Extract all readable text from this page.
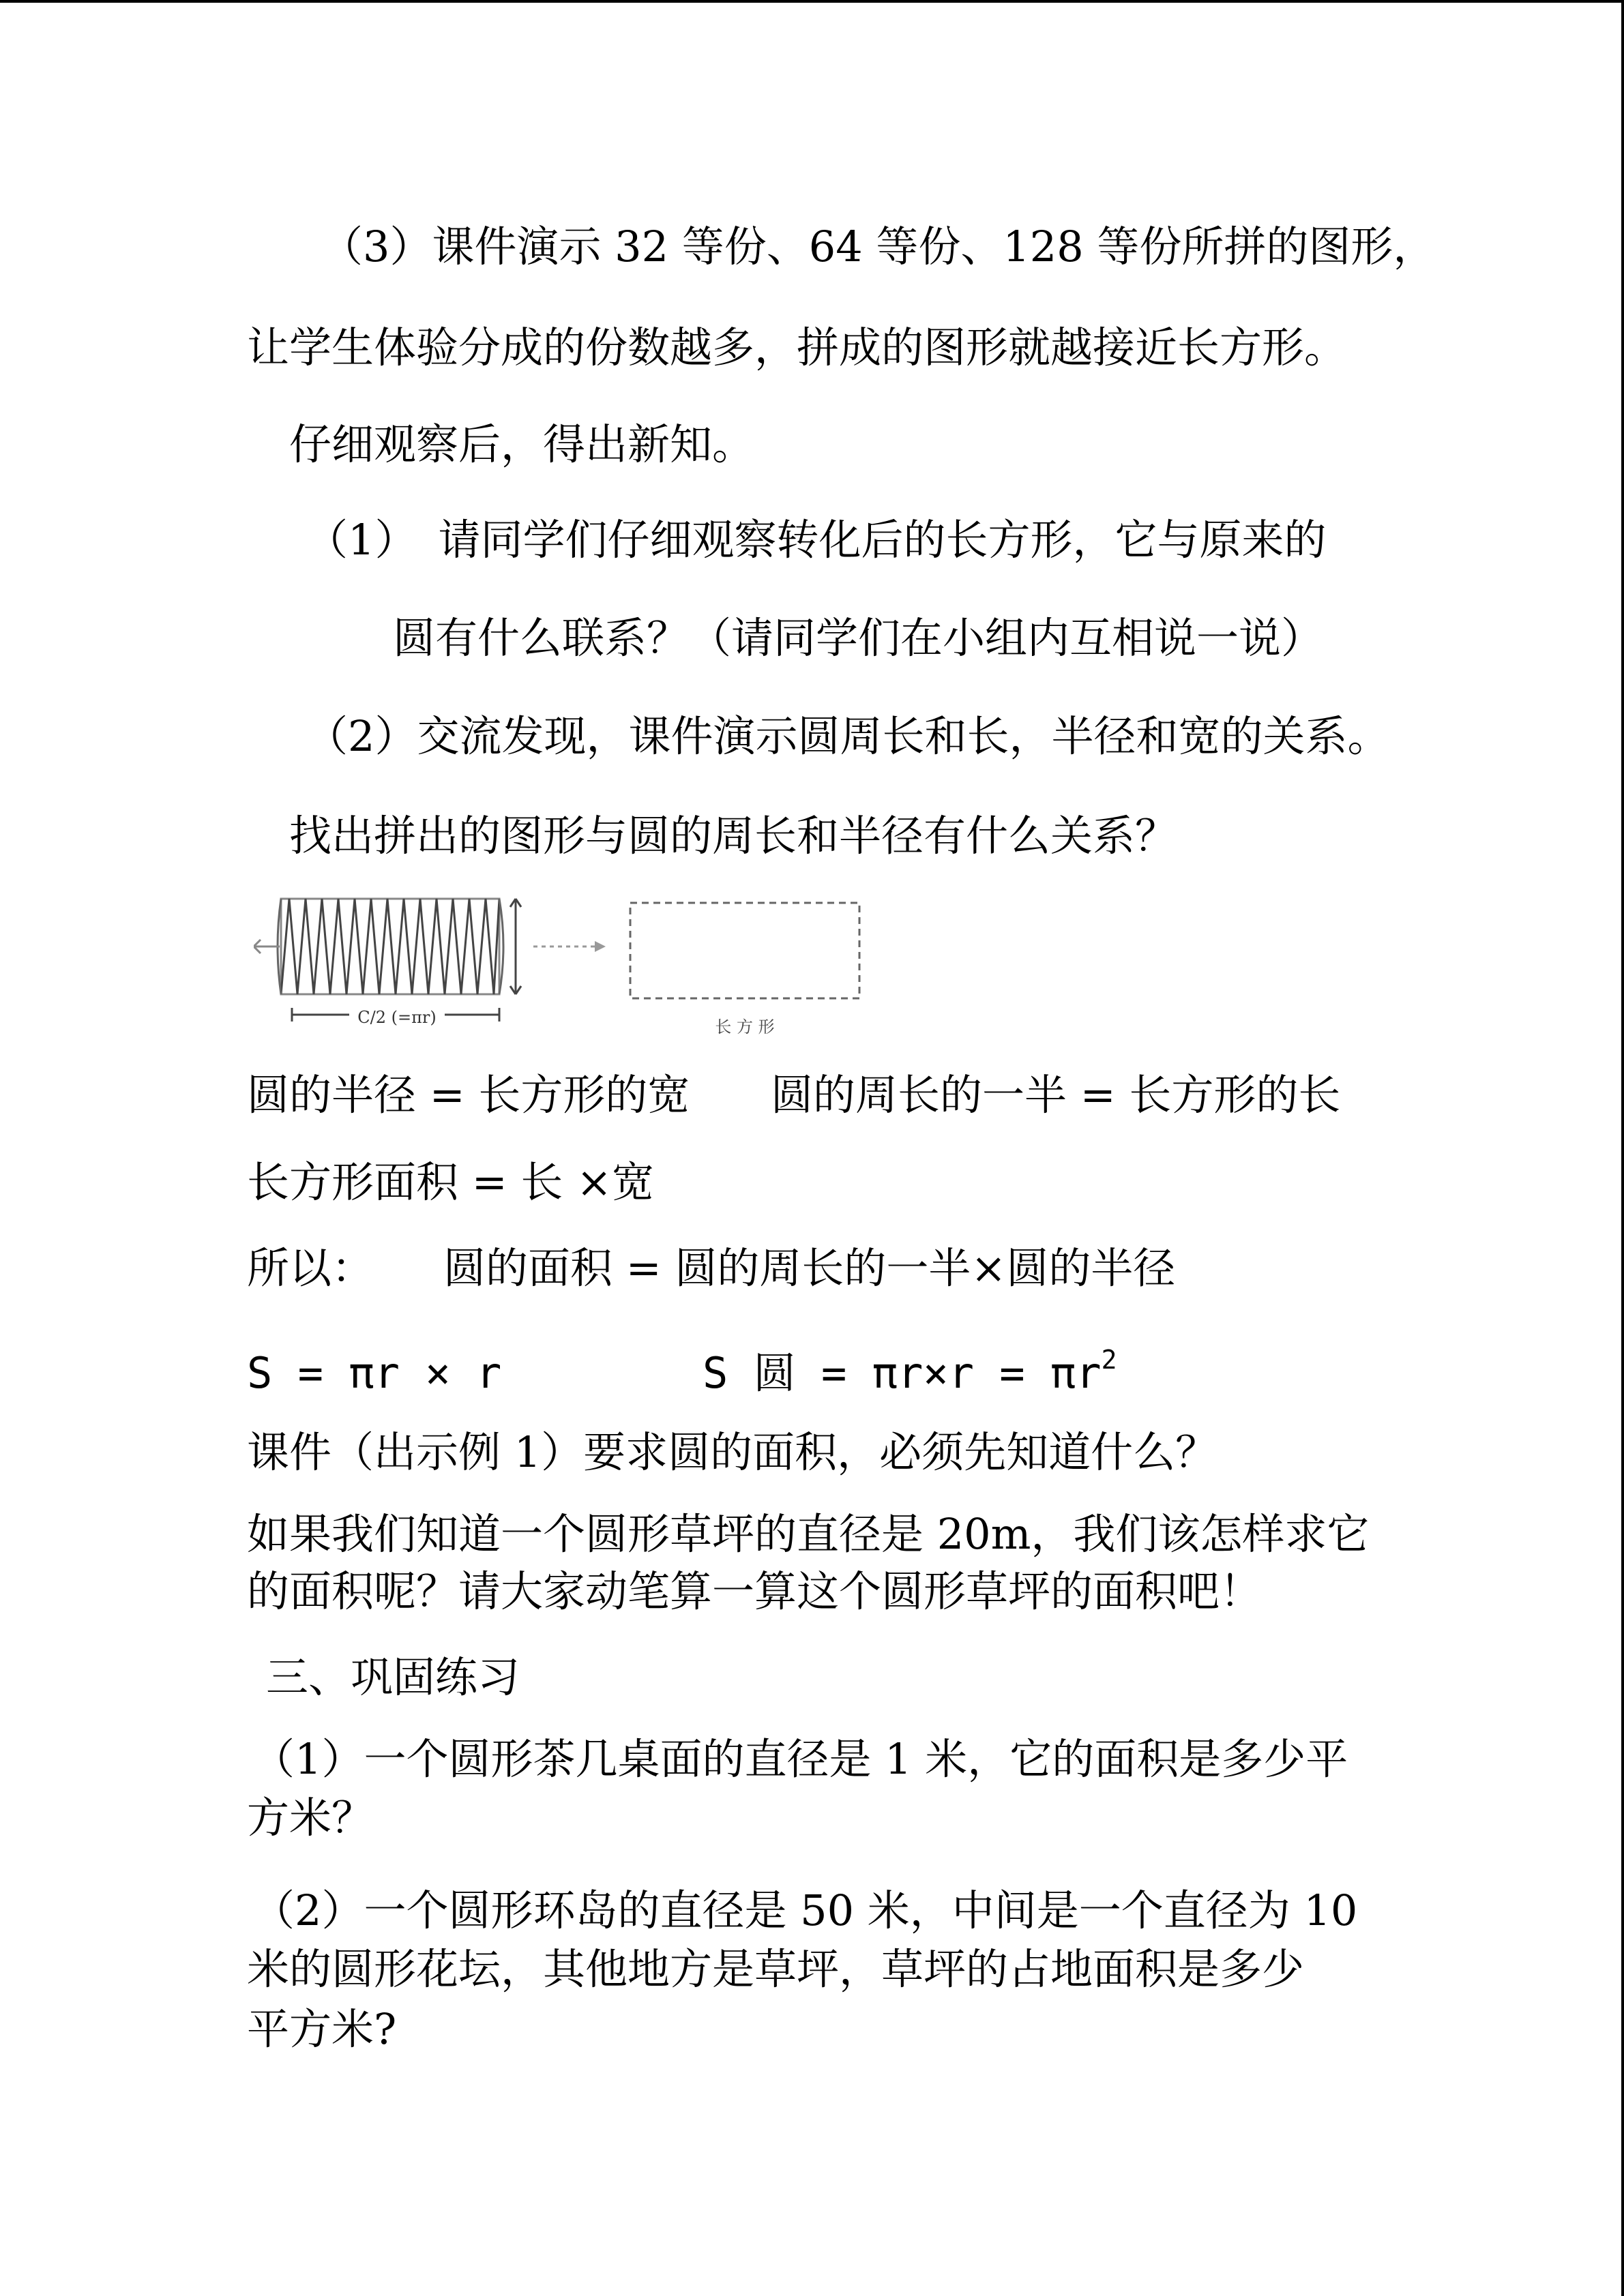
（3）课件演示 32 等份、64 等份、128 等份所拼的图形，
让学生体验分成的份数越多，拼成的图形就越接近长方形。
仔细观察后，得出新知。
（1）　请同学们仔细观察转化后的长方形，它与原来的
圆有什么联系？（请同学们在小组内互相说一说）
（2）交流发现，课件演示圆周长和长，半径和宽的关系。
找出拼出的图形与圆的周长和半径有什么关系？
C/2 (=πr)	长 方 形
圆的半径 = 长方形的宽 圆的周长的一半 = 长方形的长
长方形面积 = 长 ×宽
所以： 圆的面积 = 圆的周长的一半×圆的半径
S = πr × r	S 圆 = $\pi r\times r = \pi r^2$
课件（出示例 1）要求圆的面积，必须先知道什么？
如果我们知道一个圆形草坪的直径是 20m，我们该怎样求它
的面积呢？请大家动笔算一算这个圆形草坪的面积吧！
三、巩固练习
（1）一个圆形茶几桌面的直径是 1 米，它的面积是多少平
方米？
（2）一个圆形环岛的直径是 50 米，中间是一个直径为 10
米的圆形花坛，其他地方是草坪，草坪的占地面积是多少
平方米?
